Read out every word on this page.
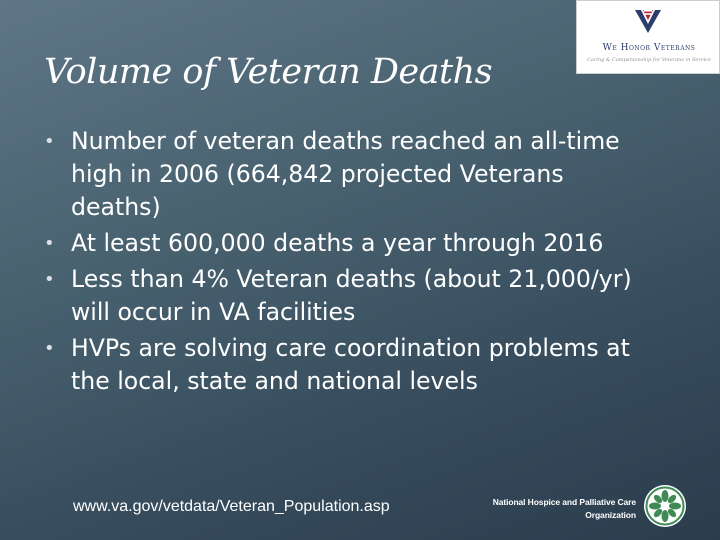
We Honor Veterans
Caring & Companionship for Veterans in Service
Volume of Veteran Deaths
• Number of veteran deaths reached an all-time high in 2006 (664,842 projected Veterans deaths)
• At least 600,000 deaths a year through 2016
• Less than 4% Veteran deaths (about 21,000/yr) will occur in VA facilities
• HVPs are solving care coordination problems at the local, state and national levels
www.va.gov/vetdata/Veteran_Population.asp	National Hospice and Palliative Care
Organization
